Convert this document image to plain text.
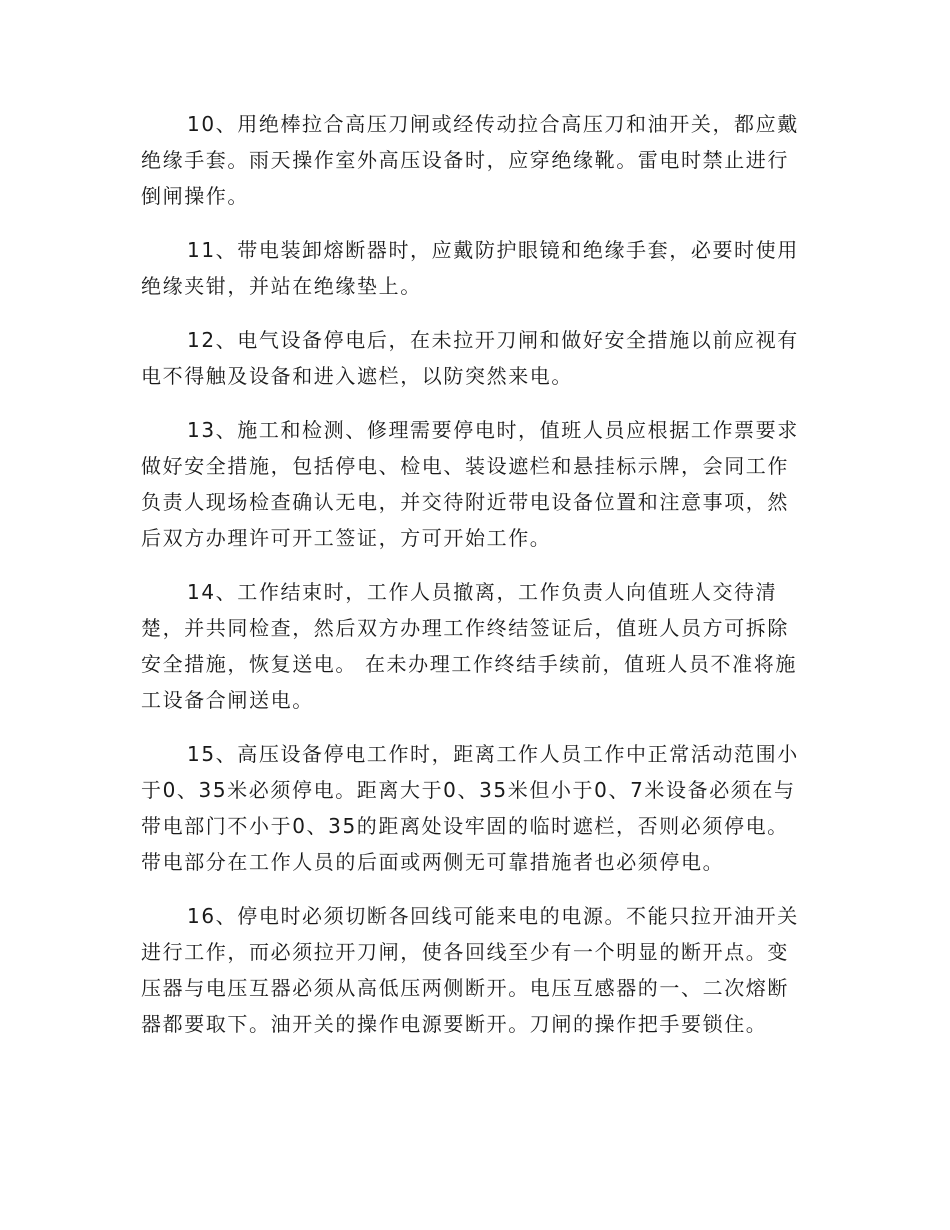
10、用绝棒拉合高压刀闸或经传动拉合高压刀和油开关，都应戴
绝缘手套。雨天操作室外高压设备时，应穿绝缘靴。雷电时禁止进行
倒闸操作。
11、带电装卸熔断器时，应戴防护眼镜和绝缘手套，必要时使用
绝缘夹钳，并站在绝缘垫上。
12、电气设备停电后，在未拉开刀闸和做好安全措施以前应视有
电不得触及设备和进入遮栏，以防突然来电。
13、施工和检测、修理需要停电时，值班人员应根据工作票要求
做好安全措施，包括停电、检电、装设遮栏和悬挂标示牌，会同工作
负责人现场检查确认无电，并交待附近带电设备位置和注意事项，然
后双方办理许可开工签证，方可开始工作。
14、工作结束时，工作人员撤离，工作负责人向值班人交待清
楚，并共同检查，然后双方办理工作终结签证后，值班人员方可拆除
安全措施，恢复送电。 在未办理工作终结手续前，值班人员不准将施
工设备合闸送电。
15、高压设备停电工作时，距离工作人员工作中正常活动范围小
于0、35米必须停电。距离大于0、35米但小于0、7米设备必须在与
带电部门不小于0、35的距离处设牢固的临时遮栏，否则必须停电。
带电部分在工作人员的后面或两侧无可靠措施者也必须停电。
16、停电时必须切断各回线可能来电的电源。不能只拉开油开关
进行工作，而必须拉开刀闸，使各回线至少有一个明显的断开点。变
压器与电压互器必须从高低压两侧断开。电压互感器的一、二次熔断
器都要取下。油开关的操作电源要断开。刀闸的操作把手要锁住。
